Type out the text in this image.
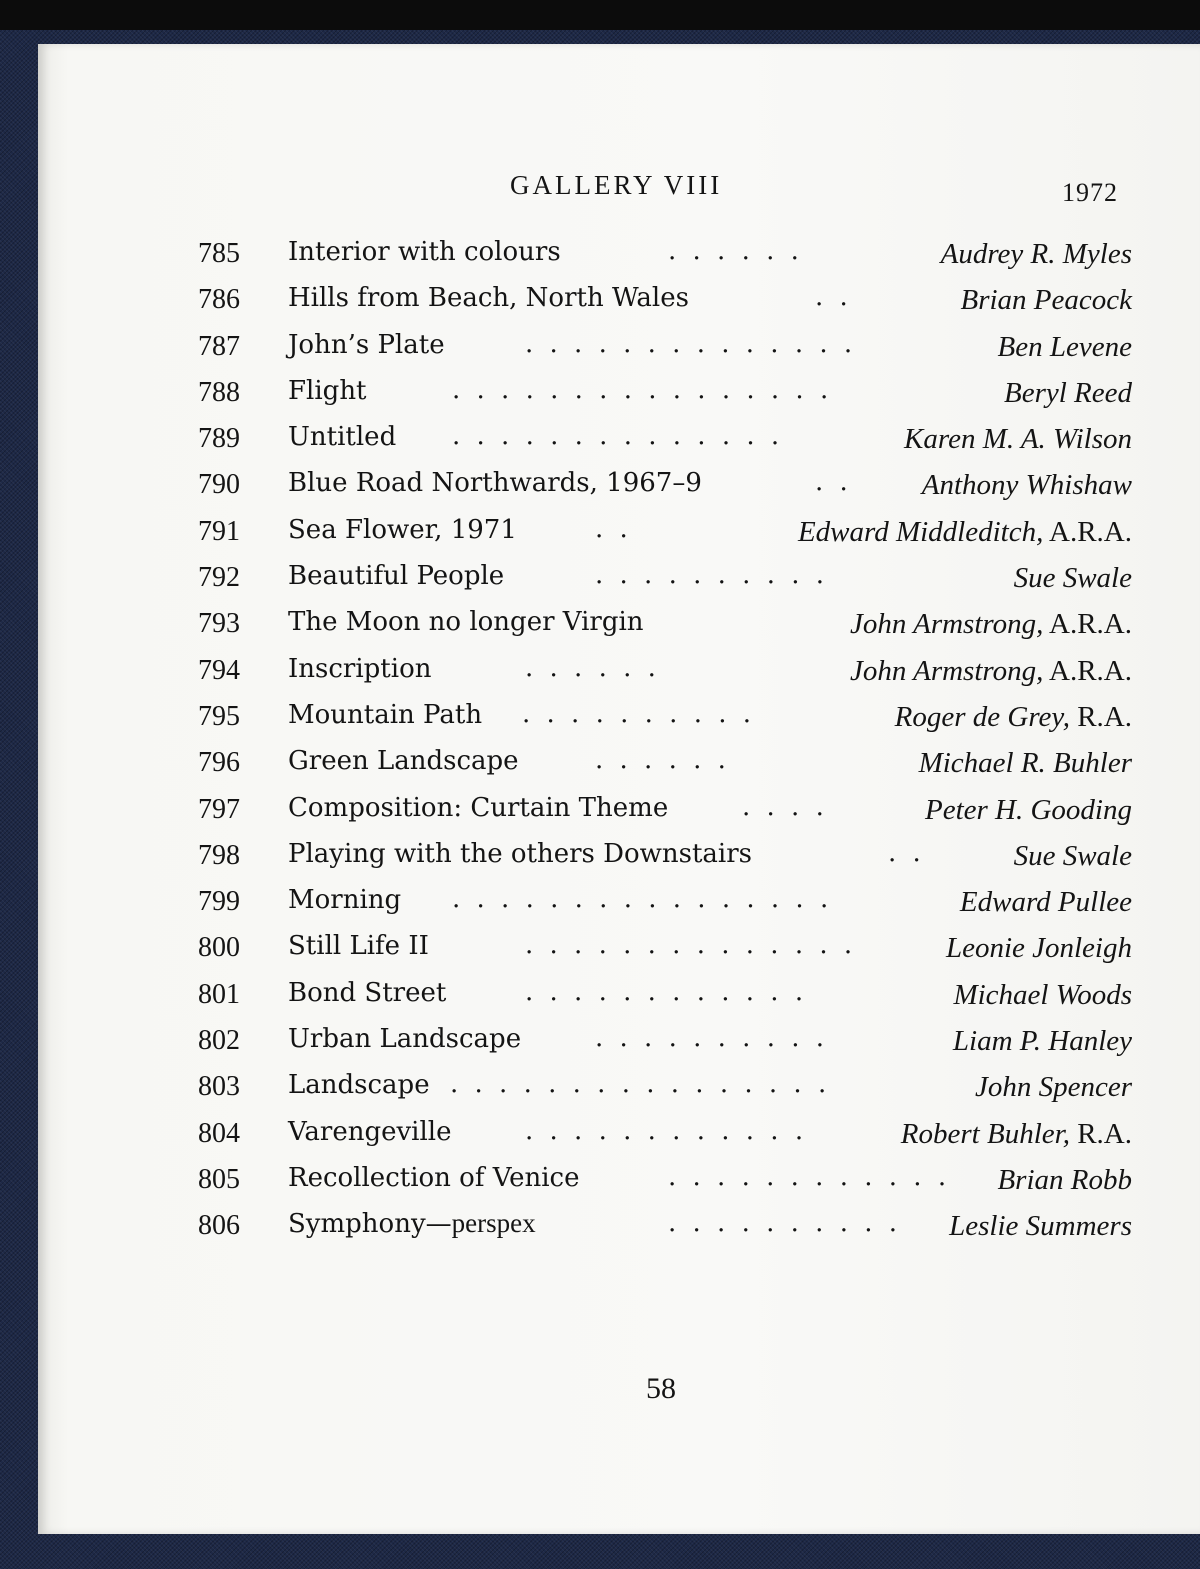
GALLERY VIII	1972
785 Interior with colours	. . . . . .	Audrey R. Myles
786 Hills from Beach, North Wales	. .	Brian Peacock
787 John’s Plate	. . . . . . . . . . . . . .	Ben Levene
788 Flight	. . . . . . . . . . . . . . . .	Beryl Reed
789 Untitled . . . . . . . . . . . . . .	Karen M. A. Wilson
790 Blue Road Northwards, 1967–9	. . Anthony Whishaw
791 Sea Flower, 1971	. .	Edward Middleditch, A.R.A.
792 Beautiful People	. . . . . . . . . .	Sue Swale
793 The Moon no longer Virgin	John Armstrong, A.R.A.
794 Inscription	. . . . . .	John Armstrong, A.R.A.
795 Mountain Path . . . . . . . . . .	Roger de Grey, R.A.
796 Green Landscape	. . . . . .	Michael R. Buhler
797 Composition: Curtain Theme	. . . .	Peter H. Gooding
798 Playing with the others Downstairs	. .	Sue Swale
799 Morning . . . . . . . . . . . . . . . .	Edward Pullee
800 Still Life II	. . . . . . . . . . . . . .	Leonie Jonleigh
801 Bond Street	. . . . . . . . . . . .	Michael Woods
802 Urban Landscape	. . . . . . . . . .	Liam P. Hanley
803 Landscape . . . . . . . . . . . . . . . .	John Spencer
804 Varengeville	. . . . . . . . . . . .	Robert Buhler, R.A.
805 Recollection of Venice	. . . . . . . . . . . . Brian Robb
806 Symphony—perspex	. . . . . . . . . . Leslie Summers
58
